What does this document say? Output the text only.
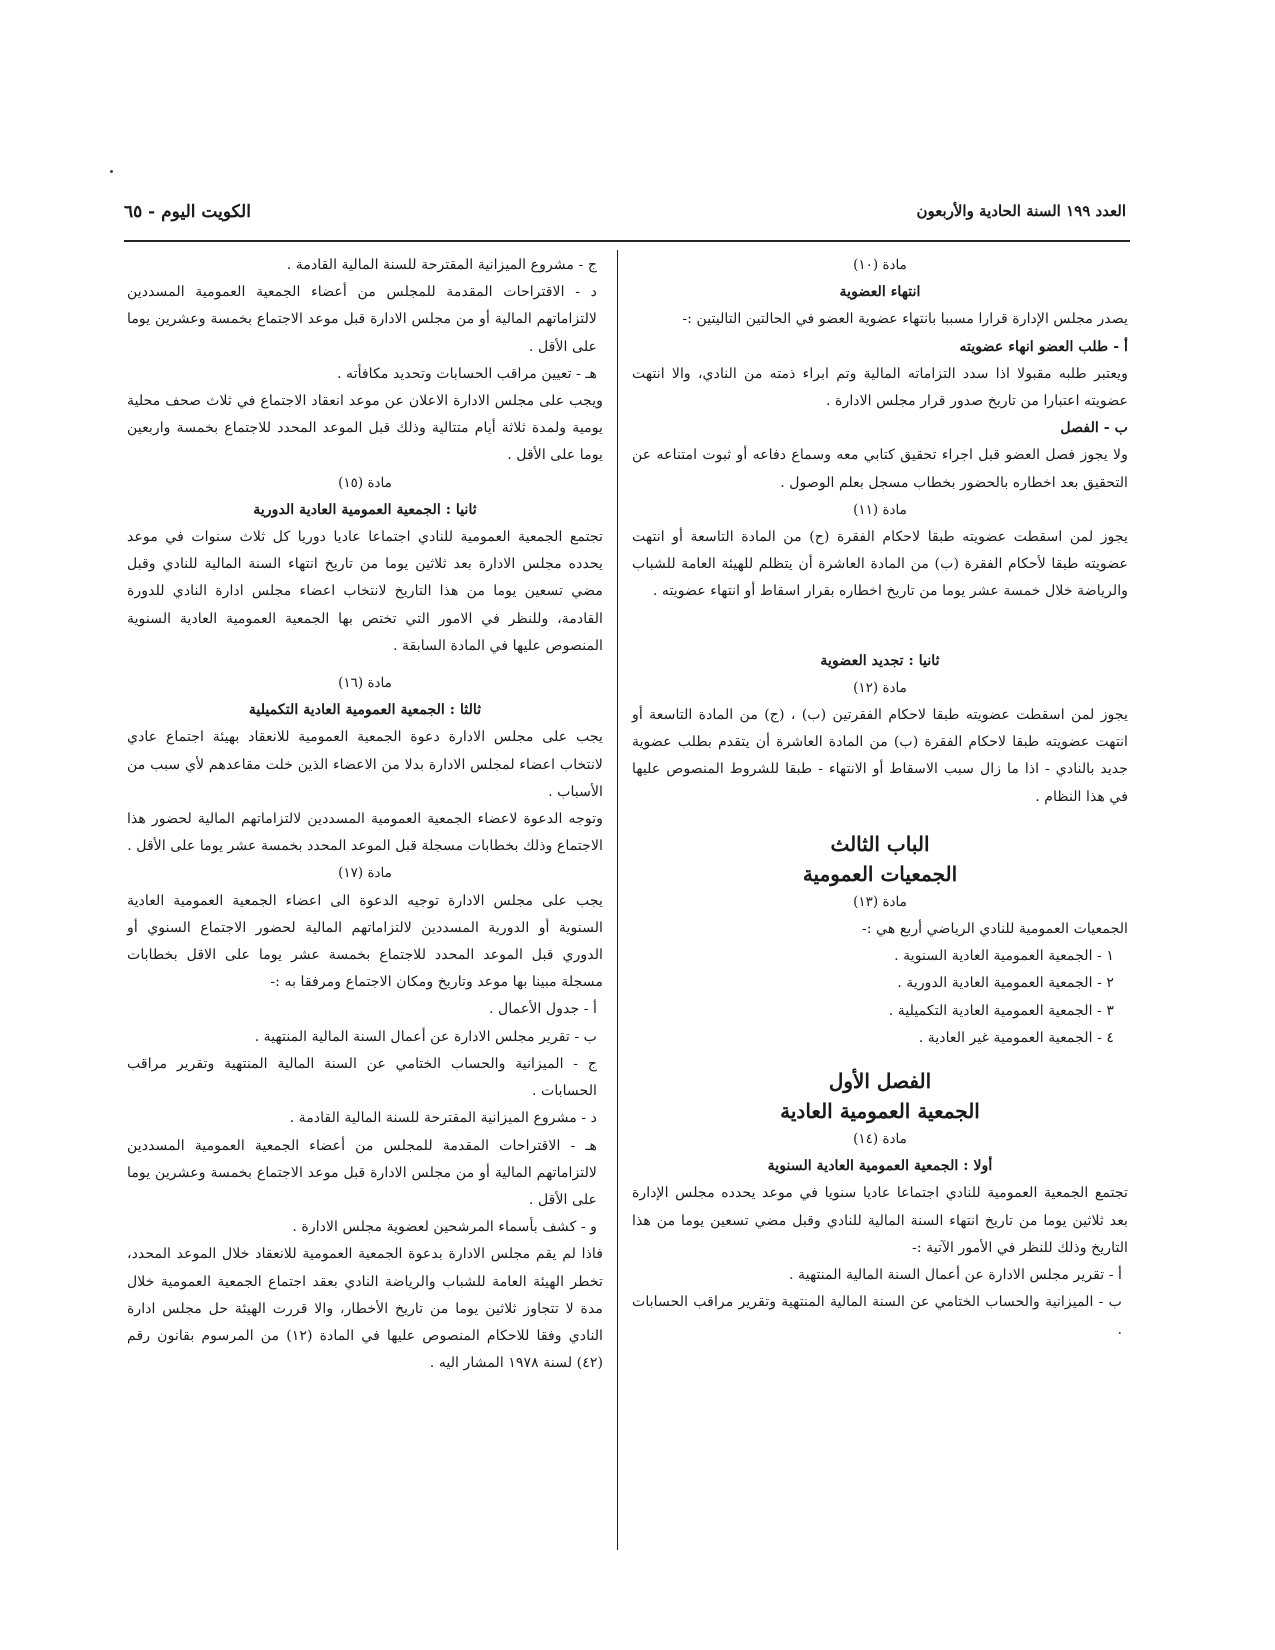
العدد ١٩٩ السنة الحادية والأربعون
الكويت اليوم - ٦٥

مادة (١٠)

انتهاء العضوية

يصدر مجلس الإدارة قرارا مسببا بانتهاء عضوية العضو في الحالتين التاليتين :-

أ - طلب العضو انهاء عضويته

ويعتبر طلبه مقبولا اذا سدد التزاماته المالية وتم ابراء ذمته من النادي، والا انتهت عضويته اعتبارا من تاريخ صدور قرار مجلس الادارة .

ب - الفصل

ولا يجوز فصل العضو قبل اجراء تحقيق كتابي معه وسماع دفاعه أو ثبوت امتناعه عن التحقيق بعد اخطاره بالحضور بخطاب مسجل بعلم الوصول .

مادة (١١)

يجوز لمن اسقطت عضويته طبقا لاحكام الفقرة (ح) من المادة التاسعة أو انتهت عضويته طبقا لأحكام الفقرة (ب) من المادة العاشرة أن يتظلم للهيئة العامة للشباب والرياضة خلال خمسة عشر يوما من تاريخ اخطاره بقرار اسقاط أو انتهاء عضويته .

ثانيا : تجديد العضوية

مادة (١٢)

يجوز لمن اسقطت عضويته طبقا لاحكام الفقرتين (ب) ، (ج) من المادة التاسعة أو انتهت عضويته طبقا لاحكام الفقرة (ب) من المادة العاشرة أن يتقدم بطلب عضوية جديد بالنادي - اذا ما زال سبب الاسقاط أو الانتهاء - طبقا للشروط المنصوص عليها في هذا النظام .

الباب الثالث

الجمعيات العمومية

مادة (١٣)

الجمعيات العمومية للنادي الرياضي أربع هي :-

١ - الجمعية العمومية العادية السنوية .

٢ - الجمعية العمومية العادية الدورية .

٣ - الجمعية العمومية العادية التكميلية .

٤ - الجمعية العمومية غير العادية .

الفصل الأول

الجمعية العمومية العادية

مادة (١٤)

أولا : الجمعية العمومية العادية السنوية

تجتمع الجمعية العمومية للنادي اجتماعا عاديا سنويا في موعد يحدده مجلس الإدارة بعد ثلاثين يوما من تاريخ انتهاء السنة المالية للنادي وقبل مضي تسعين يوما من هذا التاريخ وذلك للنظر في الأمور الآتية :-

أ - تقرير مجلس الادارة عن أعمال السنة المالية المنتهية .

ب - الميزانية والحساب الختامي عن السنة المالية المنتهية وتقرير مراقب الحسابات .

ج - مشروع الميزانية المقترحة للسنة المالية القادمة .

د - الاقتراحات المقدمة للمجلس من أعضاء الجمعية العمومية المسددين لالتزاماتهم المالية أو من مجلس الادارة قبل موعد الاجتماع بخمسة وعشرين يوما على الأقل .

هـ - تعيين مراقب الحسابات وتحديد مكافأته .

ويجب على مجلس الادارة الاعلان عن موعد انعقاد الاجتماع في ثلاث صحف محلية يومية ولمدة ثلاثة أيام متتالية وذلك قبل الموعد المحدد للاجتماع بخمسة واربعين يوما على الأقل .

مادة (١٥)

ثانيا : الجمعية العمومية العادية الدورية

تجتمع الجمعية العمومية للنادي اجتماعا عاديا دوريا كل ثلاث سنوات في موعد يحدده مجلس الادارة بعد ثلاثين يوما من تاريخ انتهاء السنة المالية للنادي وقبل مضي تسعين يوما من هذا التاريخ لانتخاب اعضاء مجلس ادارة النادي للدورة القادمة، وللنظر في الامور التي تختص بها الجمعية العمومية العادية السنوية المنصوص عليها في المادة السابقة .

مادة (١٦)

ثالثا : الجمعية العمومية العادية التكميلية

يجب على مجلس الادارة دعوة الجمعية العمومية للانعقاد بهيئة اجتماع عادي لانتخاب اعضاء لمجلس الادارة بدلا من الاعضاء الذين خلت مقاعدهم لأي سبب من الأسباب .

وتوجه الدعوة لاعضاء الجمعية العمومية المسددين لالتزاماتهم المالية لحضور هذا الاجتماع وذلك بخطابات مسجلة قبل الموعد المحدد بخمسة عشر يوما على الأقل .

مادة (١٧)

يجب على مجلس الادارة توجيه الدعوة الى اعضاء الجمعية العمومية العادية السنوية أو الدورية المسددين لالتزاماتهم المالية لحضور الاجتماع السنوي أو الدوري قبل الموعد المحدد للاجتماع بخمسة عشر يوما على الاقل بخطابات مسجلة مبينا بها موعد وتاريخ ومكان الاجتماع ومرفقا به :-

أ - جدول الأعمال .

ب - تقرير مجلس الادارة عن أعمال السنة المالية المنتهية .

ج - الميزانية والحساب الختامي عن السنة المالية المنتهية وتقرير مراقب الحسابات .

د - مشروع الميزانية المقترحة للسنة المالية القادمة .

هـ - الاقتراحات المقدمة للمجلس من أعضاء الجمعية العمومية المسددين لالتزاماتهم المالية أو من مجلس الادارة قبل موعد الاجتماع بخمسة وعشرين يوما على الأقل .

و - كشف بأسماء المرشحين لعضوية مجلس الادارة .

فاذا لم يقم مجلس الادارة بدعوة الجمعية العمومية للانعقاد خلال الموعد المحدد، تخطر الهيئة العامة للشباب والرياضة النادي بعقد اجتماع الجمعية العمومية خلال مدة لا تتجاوز ثلاثين يوما من تاريخ الأخطار، والا قررت الهيئة حل مجلس ادارة النادي وفقا للاحكام المنصوص عليها في المادة (١٢) من المرسوم بقانون رقم (٤٢) لسنة ١٩٧٨ المشار اليه .
